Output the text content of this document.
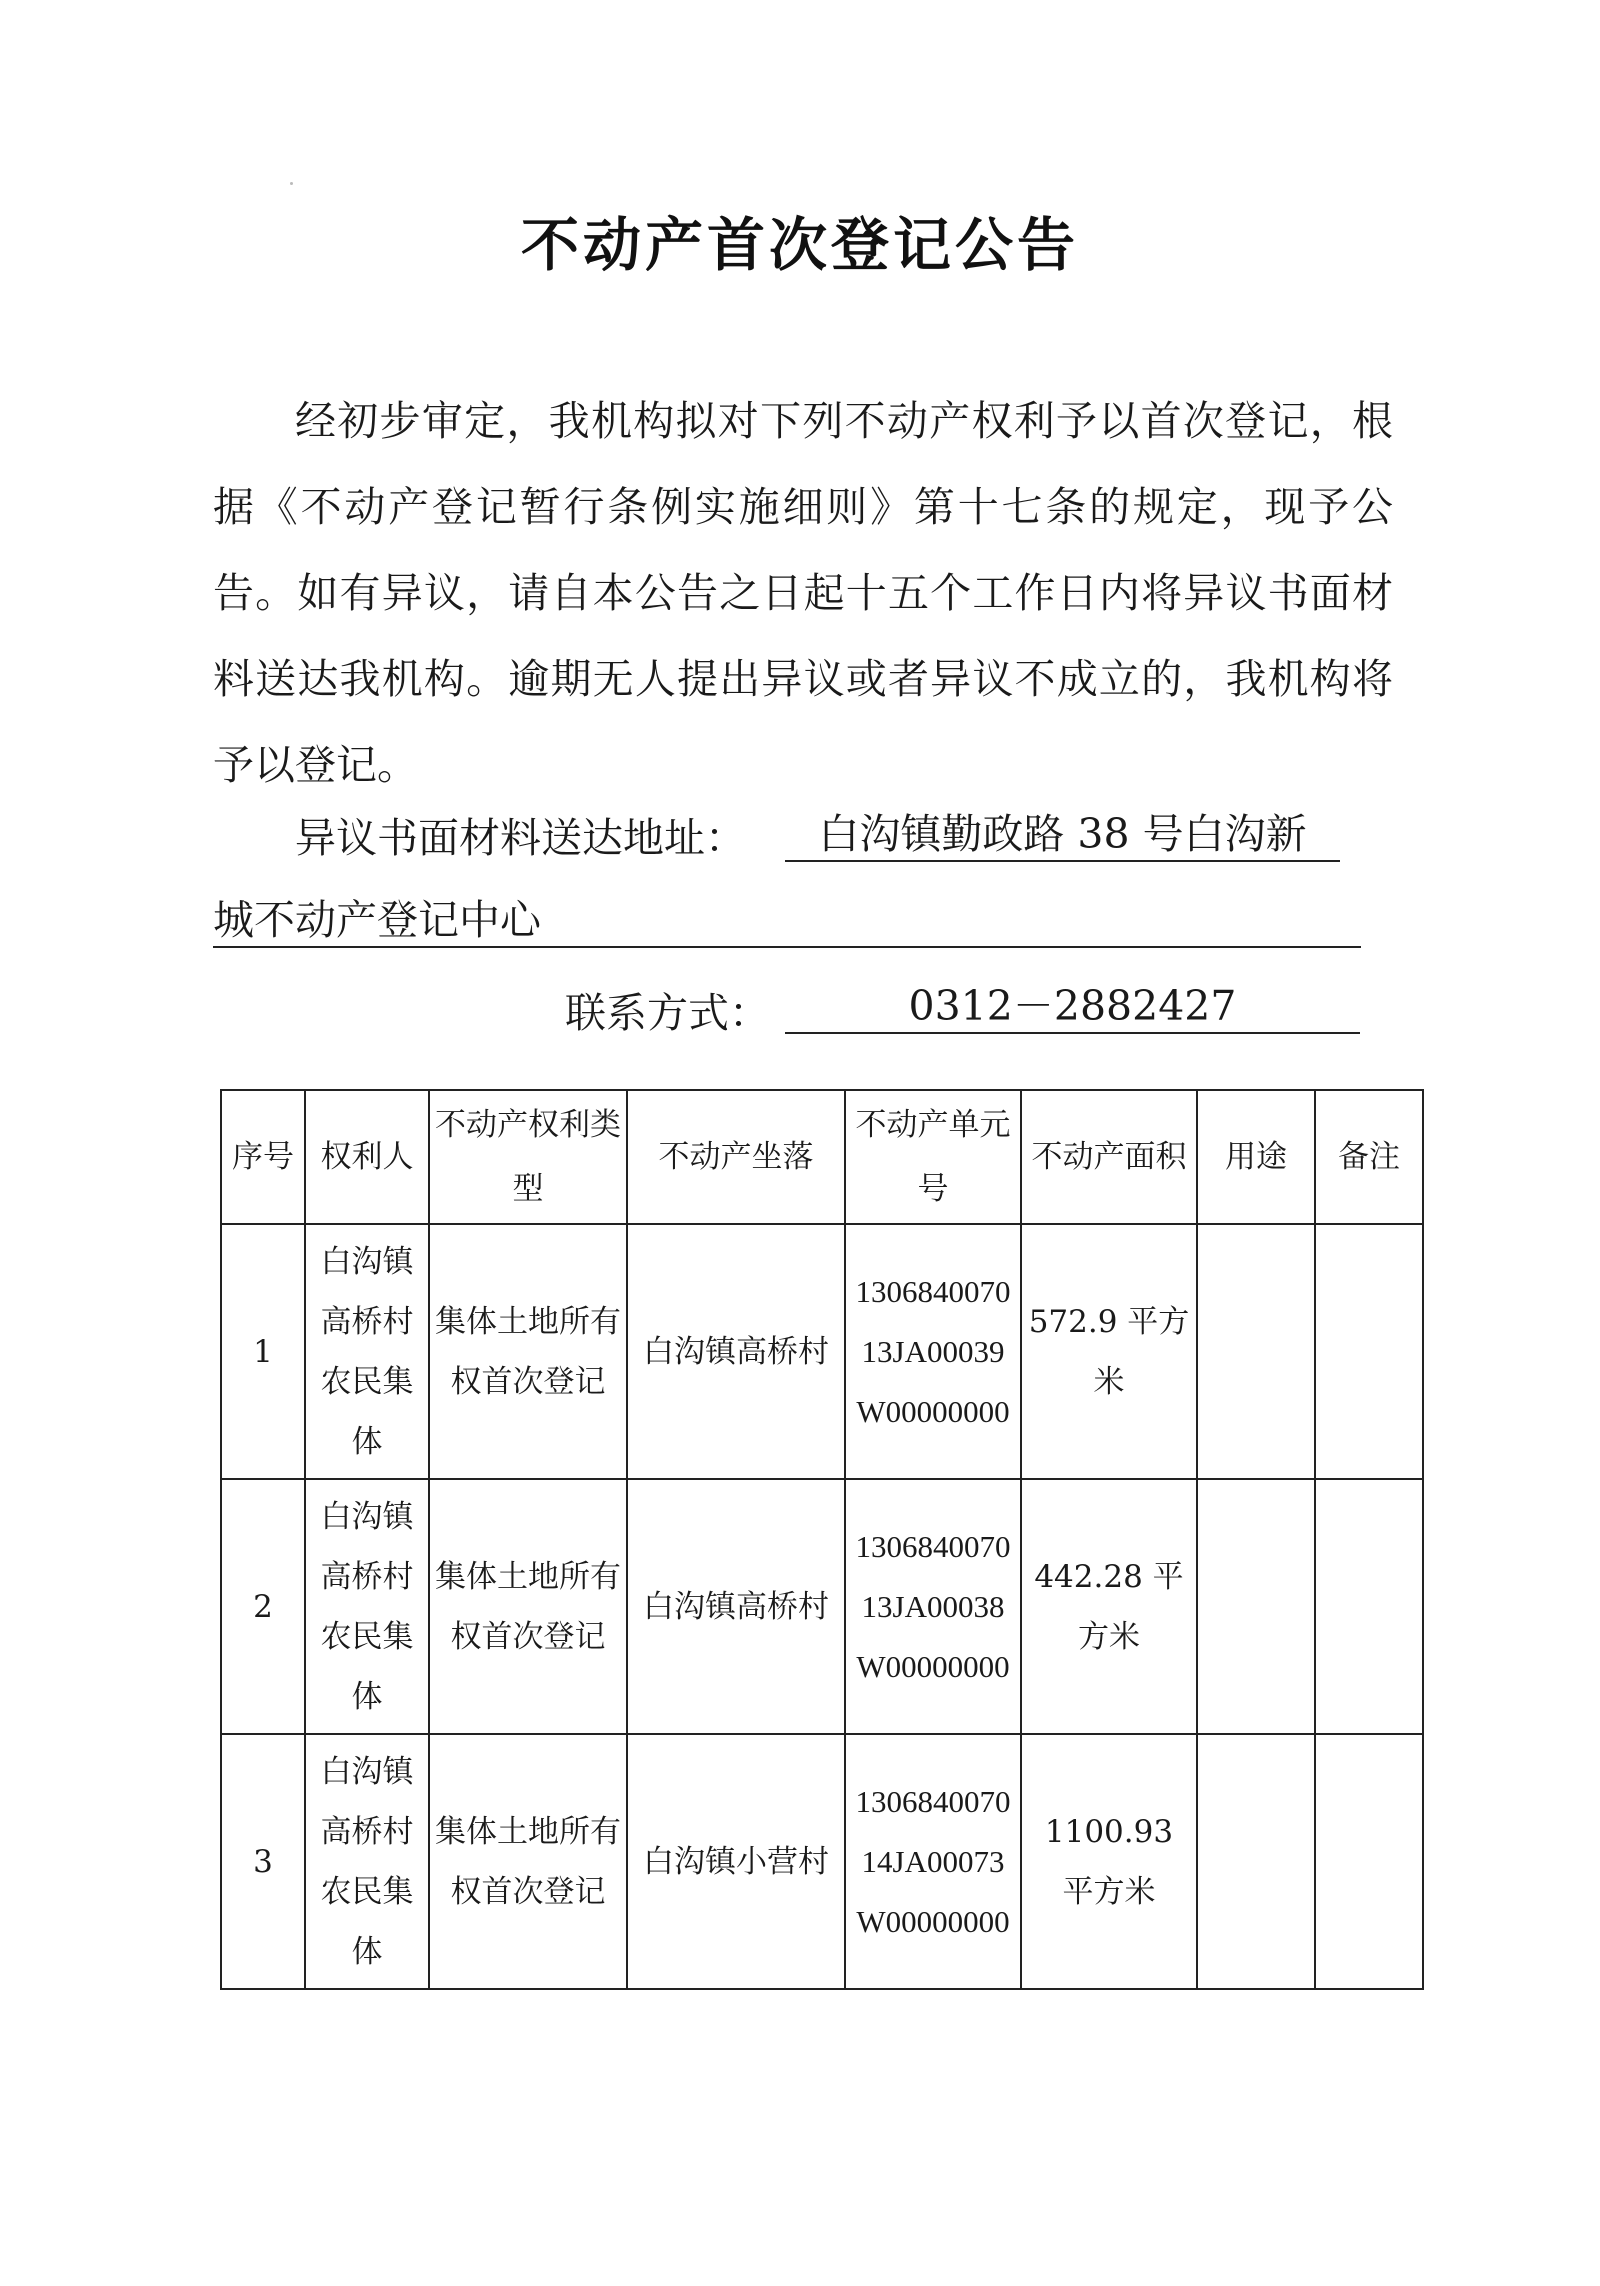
不动产首次登记公告

经初步审定，我机构拟对下列不动产权利予以首次登记，根据《不动产登记暂行条例实施细则》第十七条的规定，现予公告。如有异议，请自本公告之日起十五个工作日内将异议书面材料送达我机构。逾期无人提出异议或者异议不成立的，我机构将予以登记。

异议书面材料送达地址：	白沟镇勤政路 38 号白沟新
城不动产登记中心
联系方式：	0312－2882427
序号	权利人	不动产权利类型	不动产坐落	不动产单元号	不动产面积	用途	备注
1	白沟镇高桥村农民集体	集体土地所有权首次登记	白沟镇高桥村	130684007013JA00039W00000000	572.9 平方米		
2	白沟镇高桥村农民集体	集体土地所有权首次登记	白沟镇高桥村	130684007013JA00038W00000000	442.28 平方米		
3	白沟镇高桥村农民集体	集体土地所有权首次登记	白沟镇小营村	130684007014JA00073W00000000	1100.93 平方米		
